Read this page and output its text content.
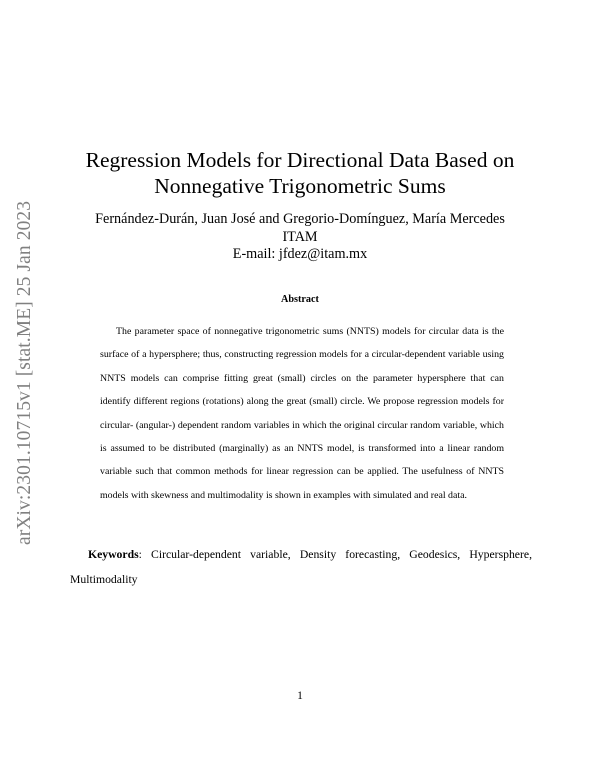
arXiv:2301.10715v1 [stat.ME] 25 Jan 2023
Regression Models for Directional Data Based on
Nonnegative Trigonometric Sums
Fernández-Durán, Juan José and Gregorio-Domínguez, María Mercedes
ITAM
E-mail: jfdez@itam.mx
Abstract
The parameter space of nonnegative trigonometric sums (NNTS) models for circular data is the surface of a hypersphere; thus, constructing regression models for a circular-dependent variable using NNTS models can comprise fitting great (small) circles on the parameter hypersphere that can identify different regions (rotations) along the great (small) circle. We propose regression models for circular- (angular-) dependent random variables in which the original circular random variable, which is assumed to be distributed (marginally) as an NNTS model, is transformed into a linear random variable such that common methods for linear regression can be applied. The usefulness of NNTS models with skewness and multimodality is shown in examples with simulated and real data.
Keywords: Circular-dependent variable, Density forecasting, Geodesics, Hypersphere, Multimodality
1
